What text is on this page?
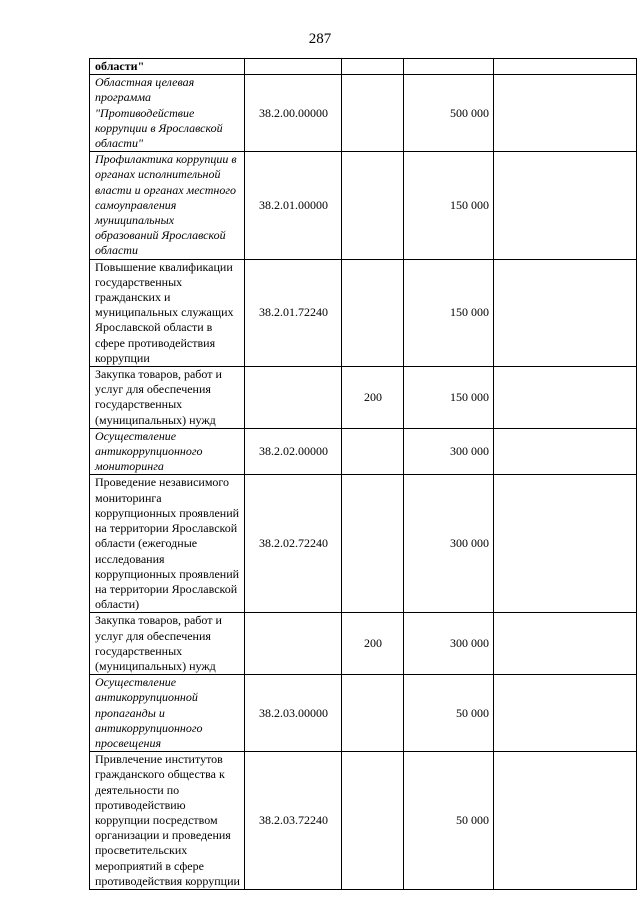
287
области"				
Областная целевая программа "Противодействие коррупции в Ярославской области"	38.2.00.00000		500 000	
Профилактика коррупции в органах исполнительной власти и органах местного самоуправления муниципальных образований Ярославской области	38.2.01.00000		150 000	
Повышение квалификации государственных гражданских и муниципальных служащих Ярославской области в сфере противодействия коррупции	38.2.01.72240		150 000	
Закупка товаров, работ и услуг для обеспечения государственных (муниципальных) нужд		200	150 000	
Осуществление антикоррупционного мониторинга	38.2.02.00000		300 000	
Проведение независимого мониторинга коррупционных проявлений на территории Ярославской области (ежегодные исследования коррупционных проявлений на территории Ярославской области)	38.2.02.72240		300 000	
Закупка товаров, работ и услуг для обеспечения государственных (муниципальных) нужд		200	300 000	
Осуществление антикоррупционной пропаганды и антикоррупционного просвещения	38.2.03.00000		50 000	
Привлечение институтов гражданского общества к деятельности по противодействию коррупции посредством организации и проведения просветительских мероприятий в сфере противодействия коррупции	38.2.03.72240		50 000	
